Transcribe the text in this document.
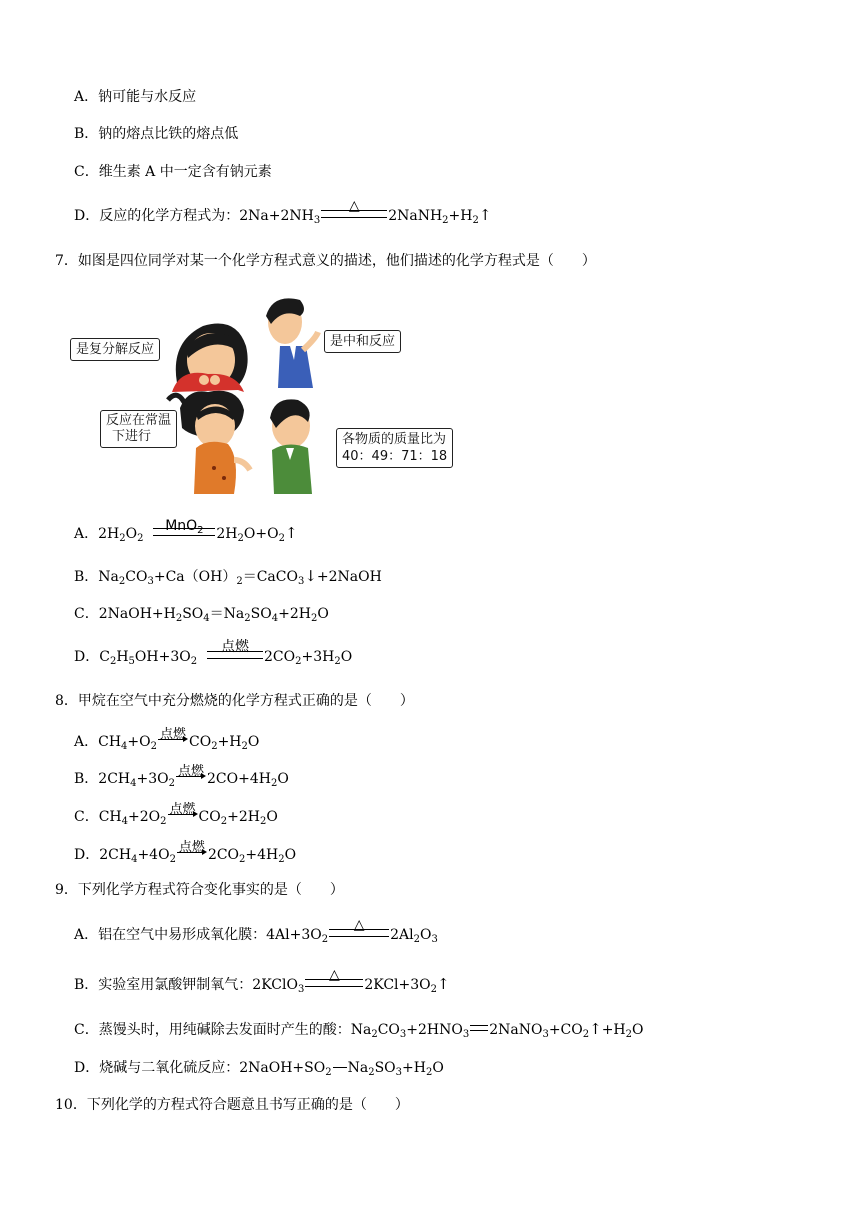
A．钠可能与水反应
B．钠的熔点比铁的熔点低
C．维生素 A 中一定含有钠元素
D．反应的化学方程式为：$2Na+2NH_3$
△
$2NaNH_2+H_2↑$
7．如图是四位同学对某一个化学方程式意义的描述，他们描述的化学方程式是（　　）
是复分解反应
是中和反应
反应在常温
下进行	各物质的质量比为
40：49：71：18
A．$2H_2O_2$
MnO$_2$ $2H_2O+O_2↑$
B．$Na_2CO_3+Ca(OH)_2=CaCO_3↓+2NaOH$
C．$2NaOH+H_2SO_4=Na_2SO_4+2H_2O$
D．$C_2H_5OH+3O_2$
点燃
$2CO_2+3H_2O$
8．甲烷在空气中充分燃烧的化学方程式正确的是（　　）
A．$CH_4+O_2$
点燃 $CO_2+H_2O$
B．$2CH_4+3O_2$
点燃 $2CO+4H_2O$
C．$CH_4+2O_2$
点燃 $CO_2+2H_2O$
D．$2CH_4+4O_2$
点燃 $2CO_2+4H_2O$
9．下列化学方程式符合变化事实的是（　　）
A．铝在空气中易形成氧化膜：$4Al+3O_2$
△
$2Al_2O_3$
B．实验室用氯酸钾制氧气：2KClO$_3$
△
$2KCl+3O_2↑$
C．蒸馒头时，用纯碱除去发面时产生的酸：$Na_2CO_3+2HNO_3$ $2NaNO_3+CO_2↑+H_2O$
D．烧碱与二氧化硫反应：$2NaOH+SO_2$ $Na_2SO_3+H_2O$
10．下列化学的方程式符合题意且书写正确的是（　　）
